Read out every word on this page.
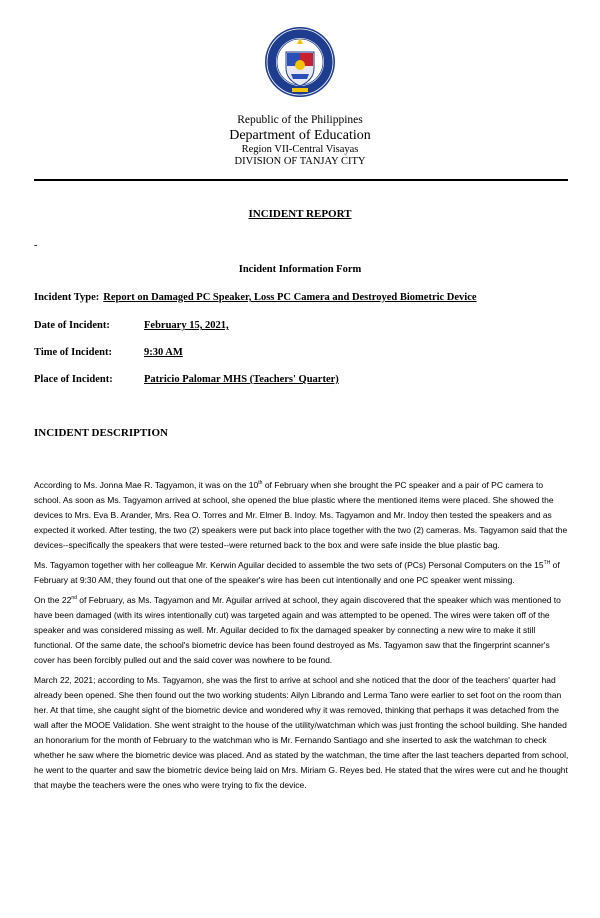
Republic of the Philippines
Department of Education
Region VII-Central Visayas
DIVISION OF TANJAY CITY
INCIDENT REPORT
-
Incident Information Form
Incident Type: Report on Damaged PC Speaker, Loss PC Camera and Destroyed Biometric Device
Date of Incident:	February 15, 2021,
Time of Incident:	9:30 AM
Place of Incident:	Patricio Palomar MHS (Teachers' Quarter)
INCIDENT DESCRIPTION

According to Ms. Jonna Mae R. Tagyamon, it was on the 10th of February when she brought the PC speaker and a pair of PC camera to school. As soon as Ms. Tagyamon arrived at school, she opened the blue plastic where the mentioned items were placed. She showed the devices to Mrs. Eva B. Arander, Mrs. Rea O. Torres and Mr. Elmer B. Indoy. Ms. Tagyamon and Mr. Indoy then tested the speakers and as expected it worked. After testing, the two (2) speakers were put back into place together with the two (2) cameras. Ms. Tagyamon said that the devices--specifically the speakers that were tested--were returned back to the box and were safe inside the blue plastic bag.

Ms. Tagyamon together with her colleague Mr. Kerwin Aguilar decided to assemble the two sets of (PCs) Personal Computers on the 15TH of February at 9:30 AM, they found out that one of the speaker's wire has been cut intentionally and one PC speaker went missing.

On the 22nd of February, as Ms. Tagyamon and Mr. Aguilar arrived at school, they again discovered that the speaker which was mentioned to have been damaged (with its wires intentionally cut) was targeted again and was attempted to be opened. The wires were taken off of the speaker and was considered missing as well. Mr. Aguilar decided to fix the damaged speaker by connecting a new wire to make it still functional. Of the same date, the school's biometric device has been found destroyed as Ms. Tagyamon saw that the fingerprint scanner's cover has been forcibly pulled out and the said cover was nowhere to be found.

March 22, 2021; according to Ms. Tagyamon, she was the first to arrive at school and she noticed that the door of the teachers' quarter had already been opened. She then found out the two working students: Ailyn Librando and Lerma Tano were earlier to set foot on the room than her. At that time, she caught sight of the biometric device and wondered why it was removed, thinking that perhaps it was detached from the wall after the MOOE Validation. She went straight to the house of the utility/watchman which was just fronting the school building. She handed an honorarium for the month of February to the watchman who is Mr. Fernando Santiago and she inserted to ask the watchman to check whether he saw where the biometric device was placed. And as stated by the watchman, the time after the last teachers departed from school, he went to the quarter and saw the biometric device being laid on Mrs. Miriam G. Reyes bed. He stated that the wires were cut and he thought that maybe the teachers were the ones who were trying to fix the device.
